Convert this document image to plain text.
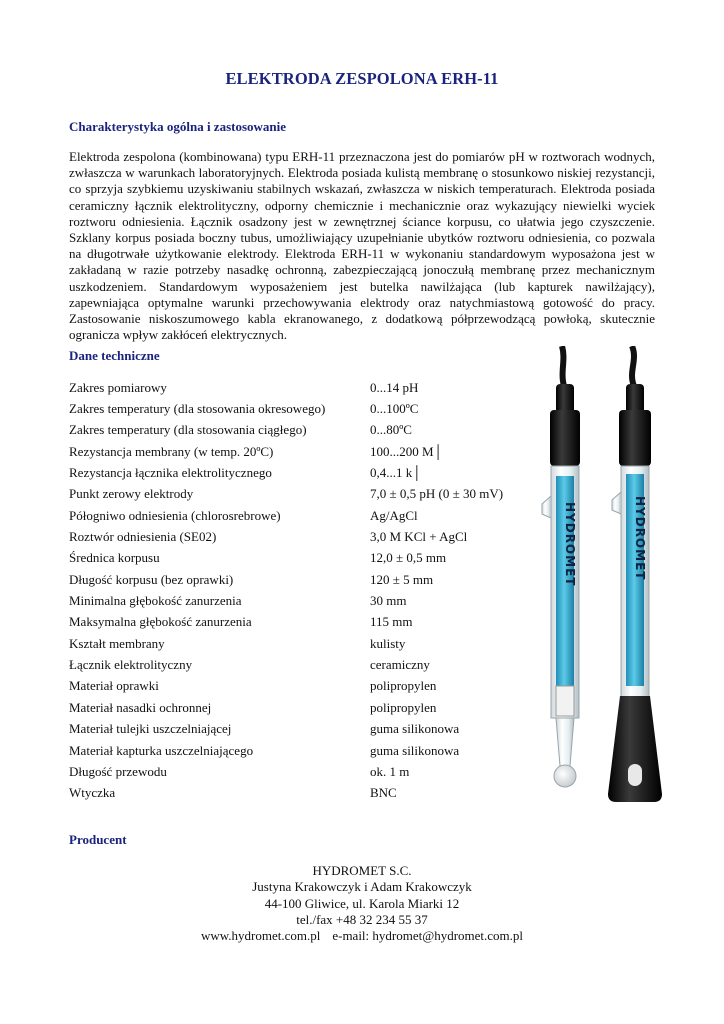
ELEKTRODA ZESPOLONA ERH-11
Charakterystyka ogólna i zastosowanie

Elektroda zespolona (kombinowana) typu ERH-11 przeznaczona jest do pomiarów pH w roztworach wodnych, zwłaszcza w warunkach laboratoryjnych. Elektroda posiada kulistą membranę o stosunkowo niskiej rezystancji, co sprzyja szybkiemu uzyskiwaniu stabilnych wskazań, zwłaszcza w niskich temperaturach. Elektroda posiada ceramiczny łącznik elektrolityczny, odporny chemicznie i mechanicznie oraz wykazujący niewielki wyciek roztworu odniesienia. Łącznik osadzony jest w zewnętrznej ściance korpusu, co ułatwia jego czyszczenie. Szklany korpus posiada boczny tubus, umożliwiający uzupełnianie ubytków roztworu odniesienia, co pozwala na długotrwałe użytkowanie elektrody. Elektroda ERH-11 w wykonaniu standardowym wyposażona jest w zakładaną w razie potrzeby nasadkę ochronną, zabezpieczającą jonoczułą membranę przez mechanicznym uszkodzeniem. Standardowym wyposażeniem jest butelka nawilżająca (lub kapturek nawilżający), zapewniająca optymalne warunki przechowywania elektrody oraz natychmiastową gotowość do pracy. Zastosowanie niskoszumowego kabla ekranowanego, z dodatkową półprzewodzącą powłoką, skutecznie ogranicza wpływ zakłóceń elektrycznych.

Dane techniczne
Zakres pomiarowy	0...14 pH
Zakres temperatury (dla stosowania okresowego)	0...100ºC
Zakres temperatury (dla stosowania ciągłego)	0...80ºC
Rezystancja membrany (w temp. 20ºC)	100...200 M│
Rezystancja łącznika elektrolitycznego	0,4...1 k│
Punkt zerowy elektrody	7,0 ± 0,5 pH (0 ± 30 mV)
Półogniwo odniesienia (chlorosrebrowe)	Ag/AgCl
Roztwór odniesienia (SE02)	3,0 M KCl + AgCl
Średnica korpusu	12,0 ± 0,5 mm
Długość korpusu (bez oprawki)	120 ± 5 mm
Minimalna głębokość zanurzenia	30 mm
Maksymalna głębokość zanurzenia	115 mm
Kształt membrany	kulisty
Łącznik elektrolityczny	ceramiczny
Materiał oprawki	polipropylen
Materiał nasadki ochronnej	polipropylen
Materiał tulejki uszczelniającej	guma silikonowa
Materiał kapturka uszczelniającego	guma silikonowa
Długość przewodu	ok. 1 m
Wtyczka	BNC
HYDROMET	HYDROMET
Producent
HYDROMET S.C.
Justyna Krakowczyk i Adam Krakowczyk
44-100 Gliwice, ul. Karola Miarki 12
tel./fax +48 32 234 55 37
www.hydromet.com.pl e-mail: hydromet@hydromet.com.pl
